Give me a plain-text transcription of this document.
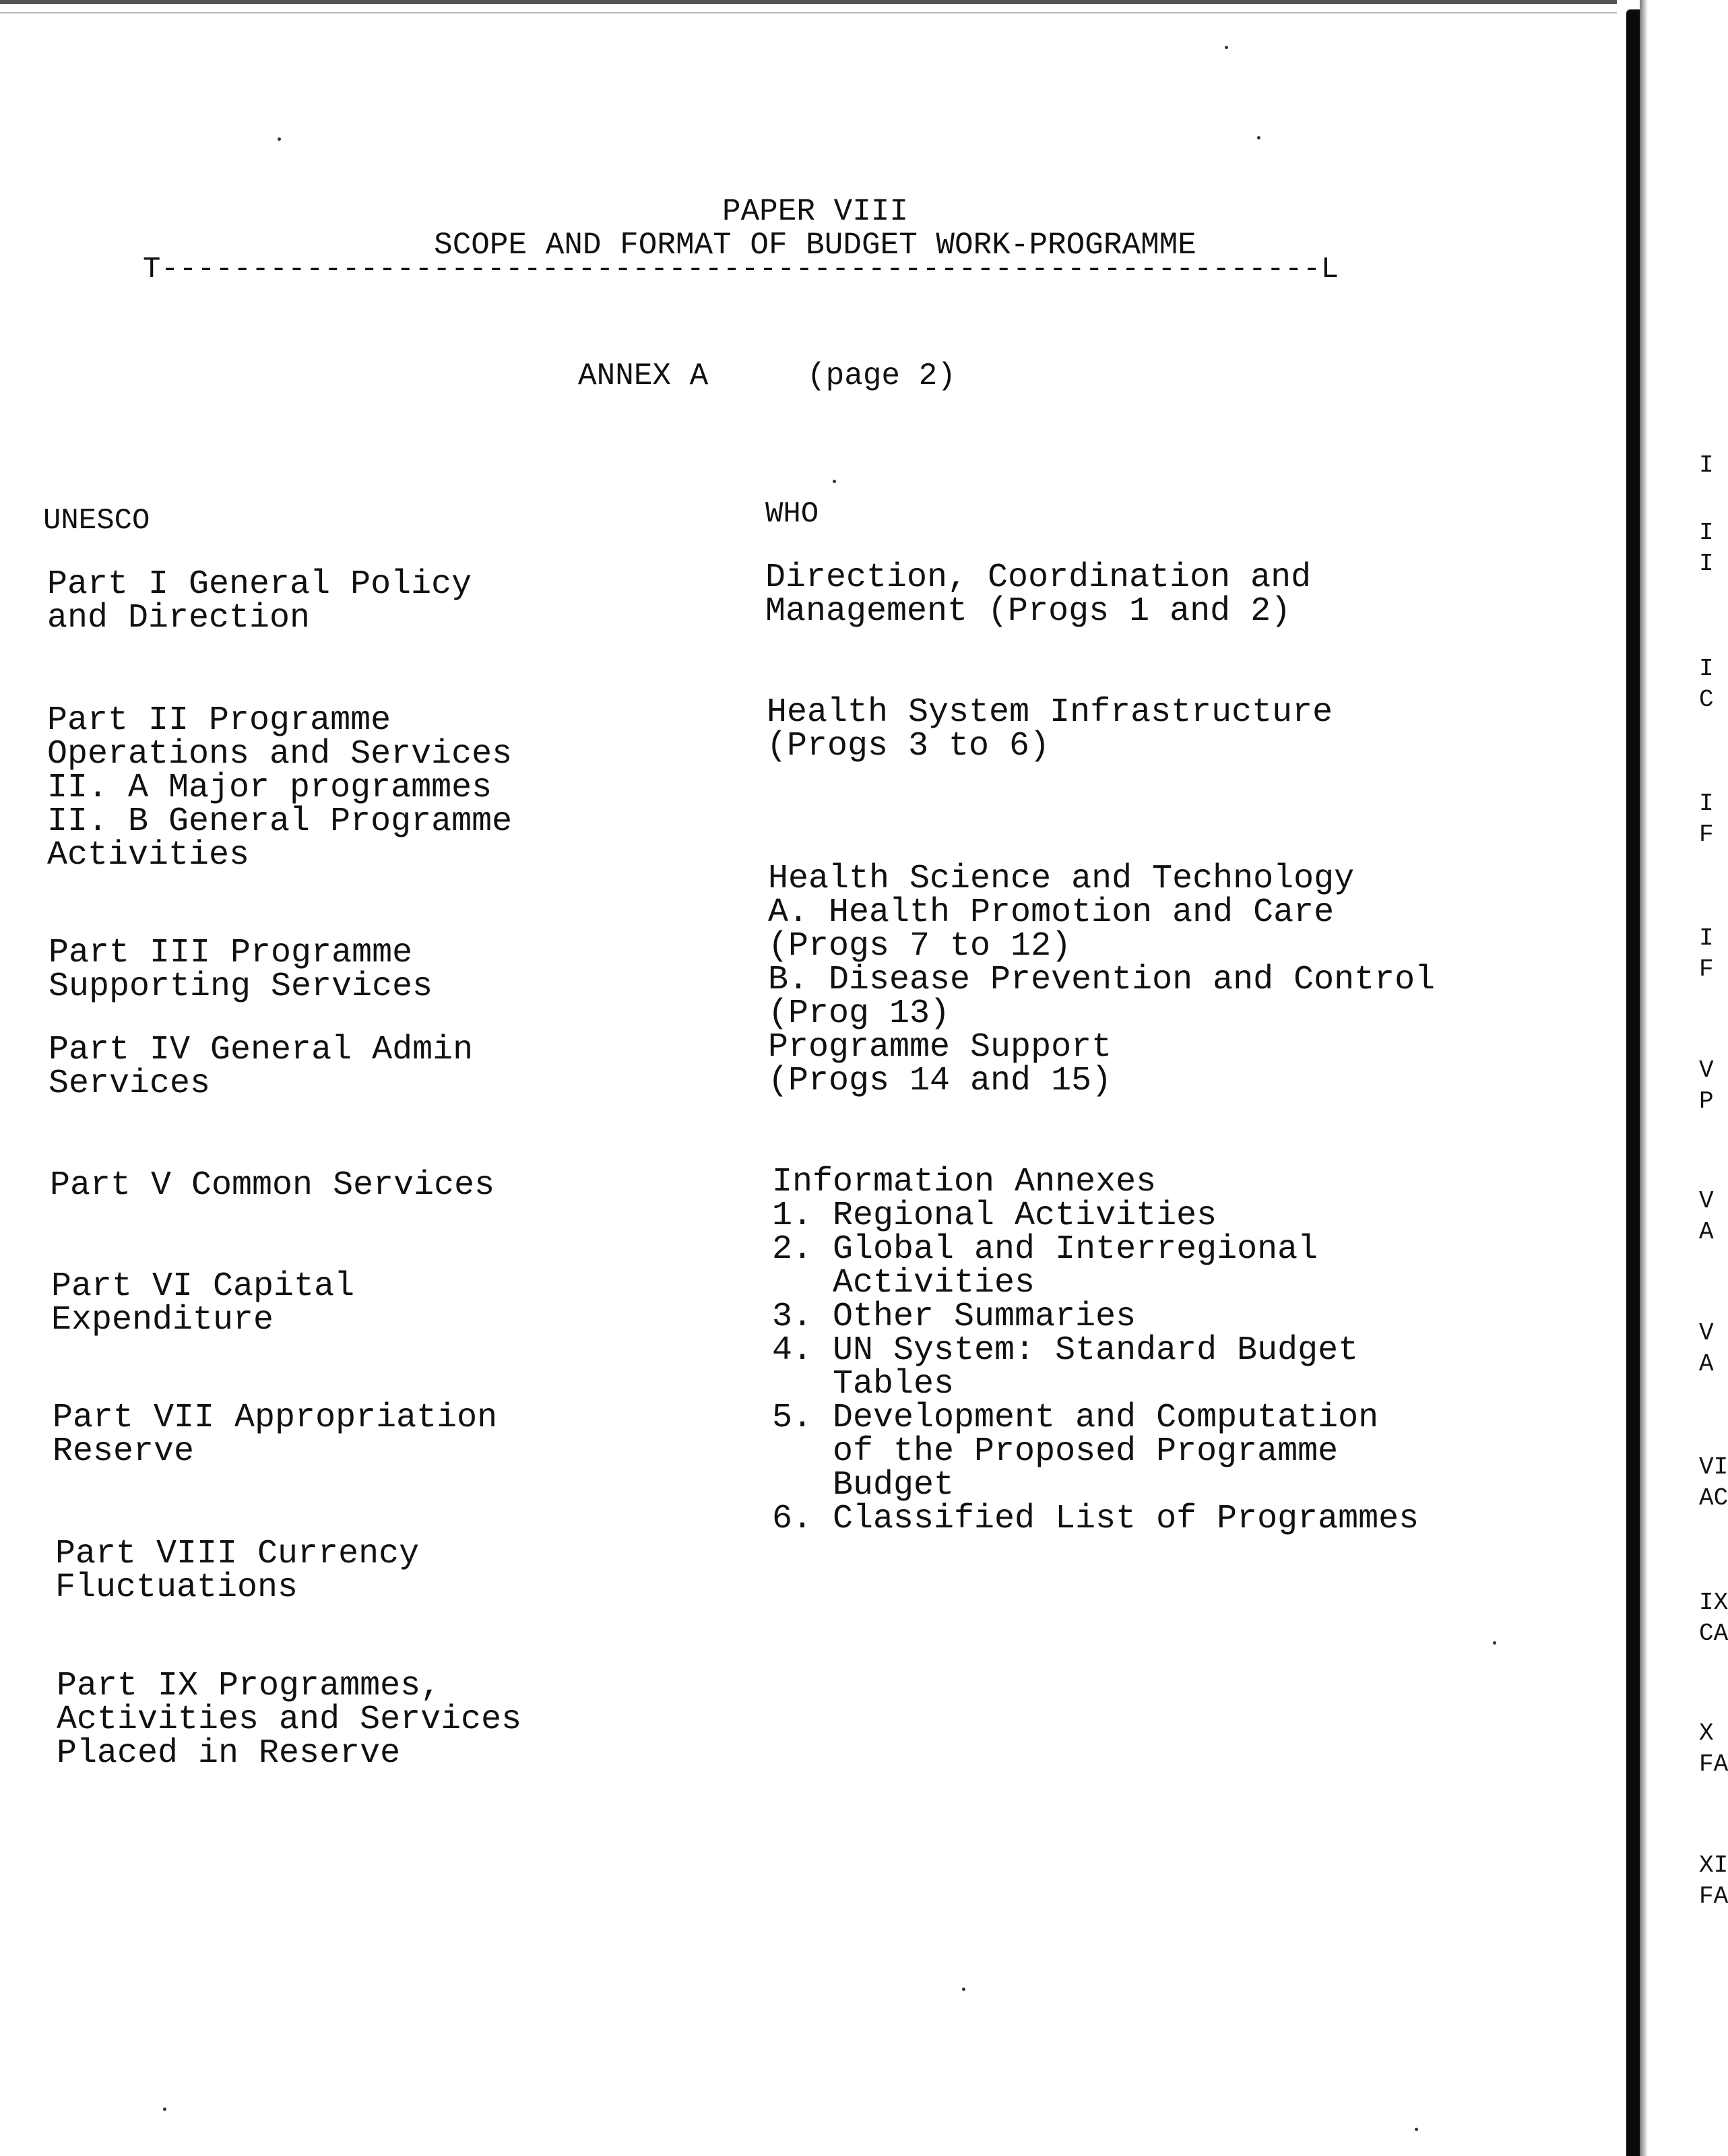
PAPER VIII

SCOPE AND FORMAT OF BUDGET WORK-PROGRAMME

T----------------------------------------------------------------L

ANNEX A	(page 2)

UNESCO

Part I General Policy
and Direction

Part II Programme
Operations and Services
II. A Major programmes
II. B General Programme
Activities

Part III Programme
Supporting Services

Part IV General Admin
Services

Part V Common Services

Part VI Capital
Expenditure

Part VII Appropriation
Reserve

Part VIII Currency
Fluctuations

Part IX Programmes,
Activities and Services
Placed in Reserve

WHO

Direction, Coordination and
Management (Progs 1 and 2)

Health System Infrastructure
(Progs 3 to 6)

Health Science and Technology
A. Health Promotion and Care
(Progs 7 to 12)
B. Disease Prevention and Control
(Prog 13)
Programme Support
(Progs 14 and 15)

Information Annexes
1. Regional Activities
2. Global and Interregional
Activities
3. Other Summaries
4. UN System: Standard Budget
Tables
5. Development and Computation
of the Proposed Programme
Budget
6. Classified List of Programmes

I
I
I
I
C
I
F
I
F
V
P
V
A
V
A
VI
AC
IX
CA
X
FA
XI
FA
